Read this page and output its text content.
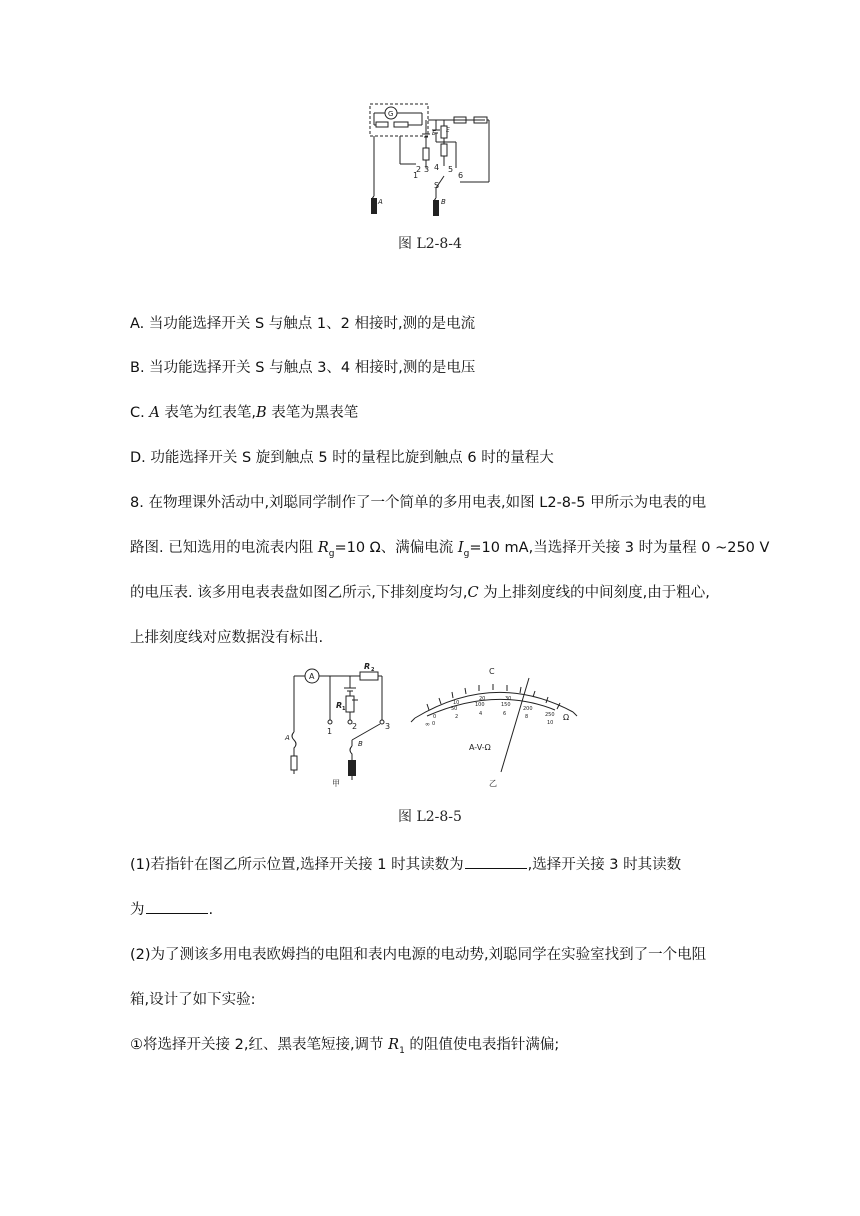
G
E E
1
2 3 4 5
6
S
A	B
图 L2-8-4
A. 当功能选择开关 S 与触点 1、2 相接时,测的是电流
B. 当功能选择开关 S 与触点 3、4 相接时,测的是电压
C. A 表笔为红表笔,B 表笔为黑表笔
D. 功能选择开关 S 旋到触点 5 时的量程比旋到触点 6 时的量程大
8. 在物理课外活动中,刘聪同学制作了一个简单的多用电表,如图 L2-8-5 甲所示为电表的电
路图. 已知选用的电流表内阻 $R_g=10$ Ω、满偏电流 $I_g=10$ mA,当选择开关接 3 时为量程 0 ~250 V
的电压表. 该多用电表表盘如图乙所示,下排刻度均匀,C 为上排刻度线的中间刻度,由于粗心,
上排刻度线对应数据没有标出.
A
R 2
R 1
1
2	3
A
B
甲
C
Ω
∞
0
50
100	150
200
250
0
2	4	6	8
10
10
20	30
A-V-Ω
乙
图 L2-8-5
(1)若指针在图乙所示位置,选择开关接 1 时其读数为	,选择开关接 3 时其读数
为	.
(2)为了测该多用电表欧姆挡的电阻和表内电源的电动势,刘聪同学在实验室找到了一个电阻
箱,设计了如下实验:
①将选择开关接 2,红、黑表笔短接,调节 $R_1$ 的阻值使电表指针满偏;
